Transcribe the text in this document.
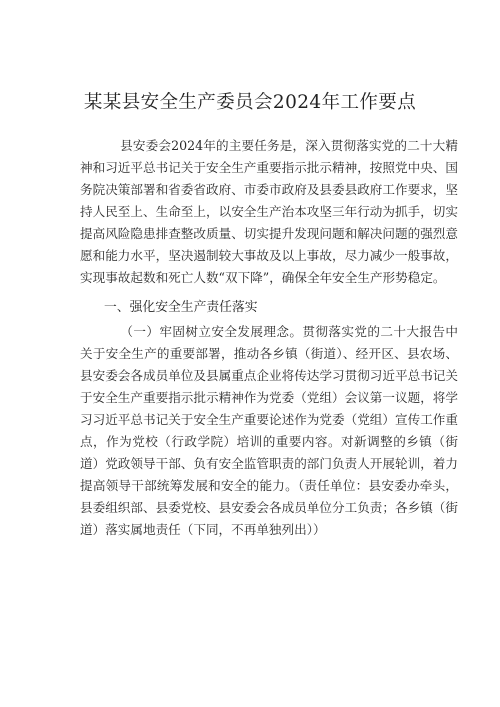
某某县安全生产委员会2024年工作要点
县安委会2024年的主要任务是，深入贯彻落实党的二十大精神和习近平总书记关于安全生产重要指示批示精神，按照党中央、国务院决策部署和省委省政府、市委市政府及县委县政府工作要求，坚持人民至上、生命至上，以安全生产治本攻坚三年行动为抓手，切实提高风险隐患排查整改质量、切实提升发现问题和解决问题的强烈意愿和能力水平，坚决遏制较大事故及以上事故，尽力减少一般事故，实现事故起数和死亡人数“双下降”，确保全年安全生产形势稳定。
一、强化安全生产责任落实
（一）牢固树立安全发展理念。贯彻落实党的二十大报告中关于安全生产的重要部署，推动各乡镇（街道）、经开区、县农场、县安委会各成员单位及县属重点企业将传达学习贯彻习近平总书记关于安全生产重要指示批示精神作为党委（党组）会议第一议题，将学习习近平总书记关于安全生产重要论述作为党委（党组）宣传工作重点，作为党校（行政学院）培训的重要内容。对新调整的乡镇（街道）党政领导干部、负有安全监管职责的部门负责人开展轮训，着力提高领导干部统筹发展和安全的能力。（责任单位：县安委办牵头，县委组织部、县委党校、县安委会各成员单位分工负责；各乡镇（街道）落实属地责任（下同，不再单独列出））
